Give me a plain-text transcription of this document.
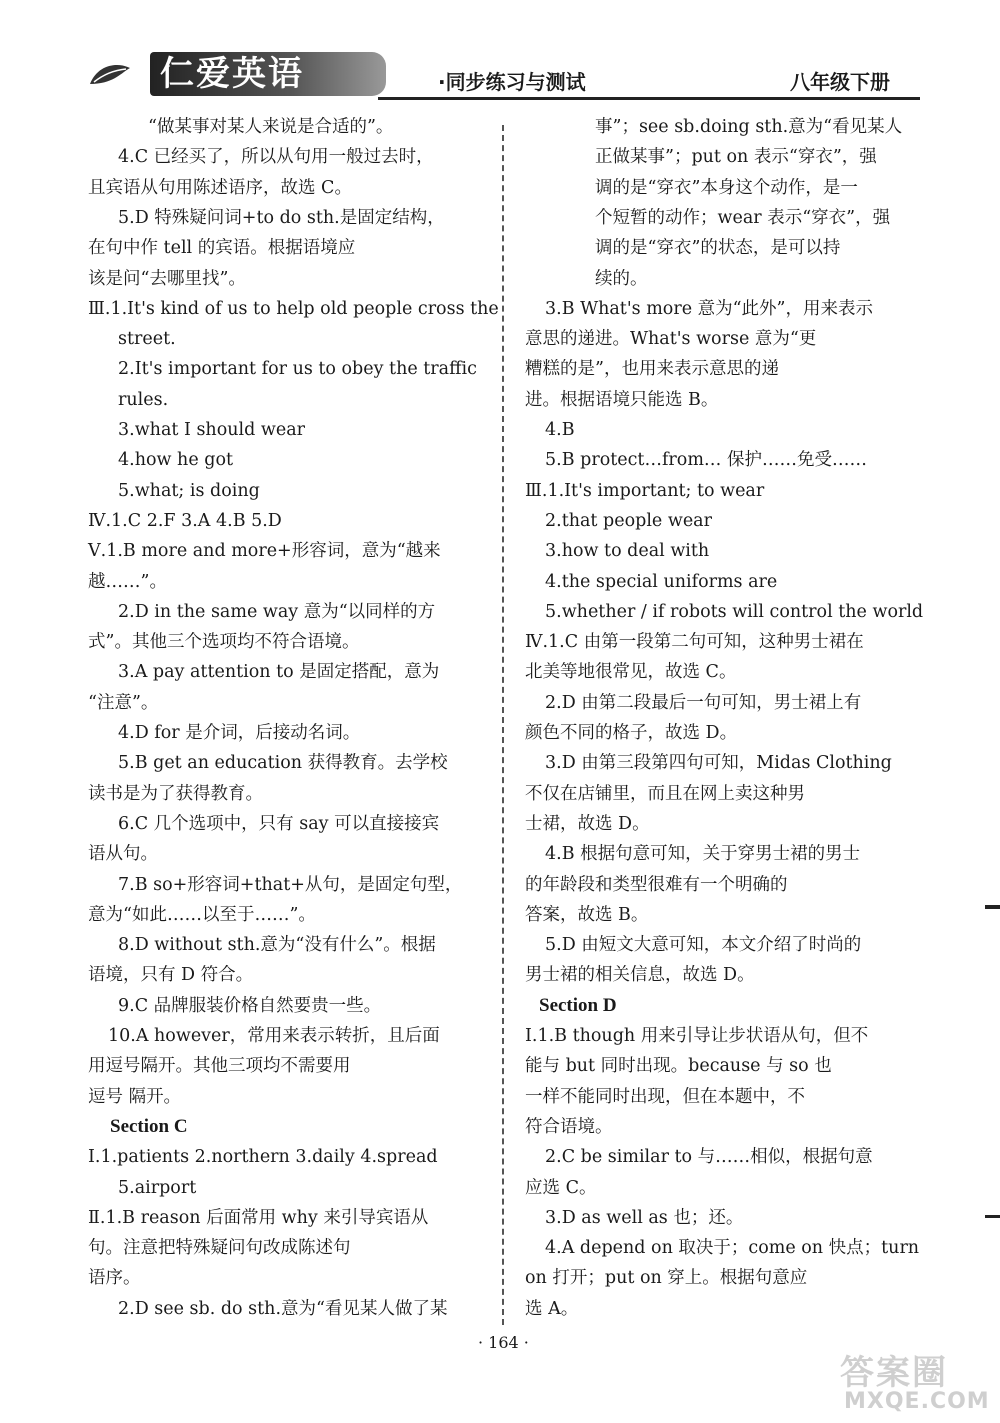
仁爱英语	·同步练习与测试	八年级下册
“做某事对某人来说是合适的”。
4.C 已经买了，所以从句用一般过去时，
且宾语从句用陈述语序，故选 C。
5.D 特殊疑问词+to do sth.是固定结构，
在句中作 tell 的宾语。根据语境应
该是问“去哪里找”。
Ⅲ.1.It's kind of us to help old people cross the
street.
2.It's important for us to obey the traffic
rules.
3.what I should wear
4.how he got
5.what; is doing
Ⅳ.1.C 2.F 3.A 4.B 5.D
Ⅴ.1.B more and more+形容词，意为“越来
越……”。
2.D in the same way 意为“以同样的方
式”。其他三个选项均不符合语境。
3.A pay attention to 是固定搭配，意为
“注意”。
4.D for 是介词，后接动名词。
5.B get an education 获得教育。去学校
读书是为了获得教育。
6.C 几个选项中，只有 say 可以直接接宾
语从句。
7.B so+形容词+that+从句，是固定句型，
意为“如此……以至于……”。
8.D without sth.意为“没有什么”。根据
语境，只有 D 符合。
9.C 品牌服装价格自然要贵一些。
10.A however，常用来表示转折，且后面
用逗号隔开。其他三项均不需要用
逗号 隔开。
Section C
Ⅰ.1.patients 2.northern 3.daily 4.spread
5.airport
Ⅱ.1.B reason 后面常用 why 来引导宾语从
句。注意把特殊疑问句改成陈述句
语序。
2.D see sb. do sth.意为“看见某人做了某
事”；see sb.doing sth.意为“看见某人
正做某事”；put on 表示“穿衣”，强
调的是“穿衣”本身这个动作，是一
个短暂的动作；wear 表示“穿衣”，强
调的是“穿衣”的状态，是可以持
续的。
3.B What's more 意为“此外”，用来表示
意思的递进。What's worse 意为“更
糟糕的是”，也用来表示意思的递
进。根据语境只能选 B。
4.B
5.B protect…from… 保护……免受……
Ⅲ.1.It's important; to wear
2.that people wear
3.how to deal with
4.the special uniforms are
5.whether / if robots will control the world
Ⅳ.1.C 由第一段第二句可知，这种男士裙在
北美等地很常见，故选 C。
2.D 由第二段最后一句可知，男士裙上有
颜色不同的格子，故选 D。
3.D 由第三段第四句可知，Midas Clothing
不仅在店铺里，而且在网上卖这种男
士裙，故选 D。
4.B 根据句意可知，关于穿男士裙的男士
的年龄段和类型很难有一个明确的
答案，故选 B。
5.D 由短文大意可知，本文介绍了时尚的
男士裙的相关信息，故选 D。
Section D
Ⅰ.1.B though 用来引导让步状语从句，但不
能与 but 同时出现。because 与 so 也
一样不能同时出现，但在本题中，不
符合语境。
2.C be similar to 与……相似，根据句意
应选 C。
3.D as well as 也；还。
4.A depend on 取决于；come on 快点；turn
on 打开；put on 穿上。根据句意应
选 A。
· 164 ·
答案圈
MXQE.COM
